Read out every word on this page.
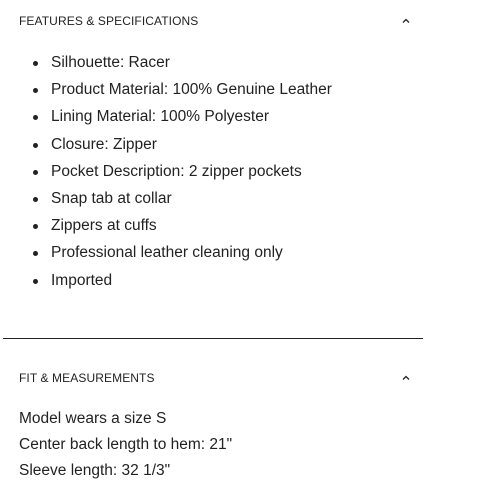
FEATURES & SPECIFICATIONS
Silhouette: Racer
Product Material: 100% Genuine Leather
Lining Material: 100% Polyester
Closure: Zipper
Pocket Description: 2 zipper pockets
Snap tab at collar
Zippers at cuffs
Professional leather cleaning only
Imported
FIT & MEASUREMENTS
Model wears a size S
Center back length to hem: 21"
Sleeve length: 32 1/3"
